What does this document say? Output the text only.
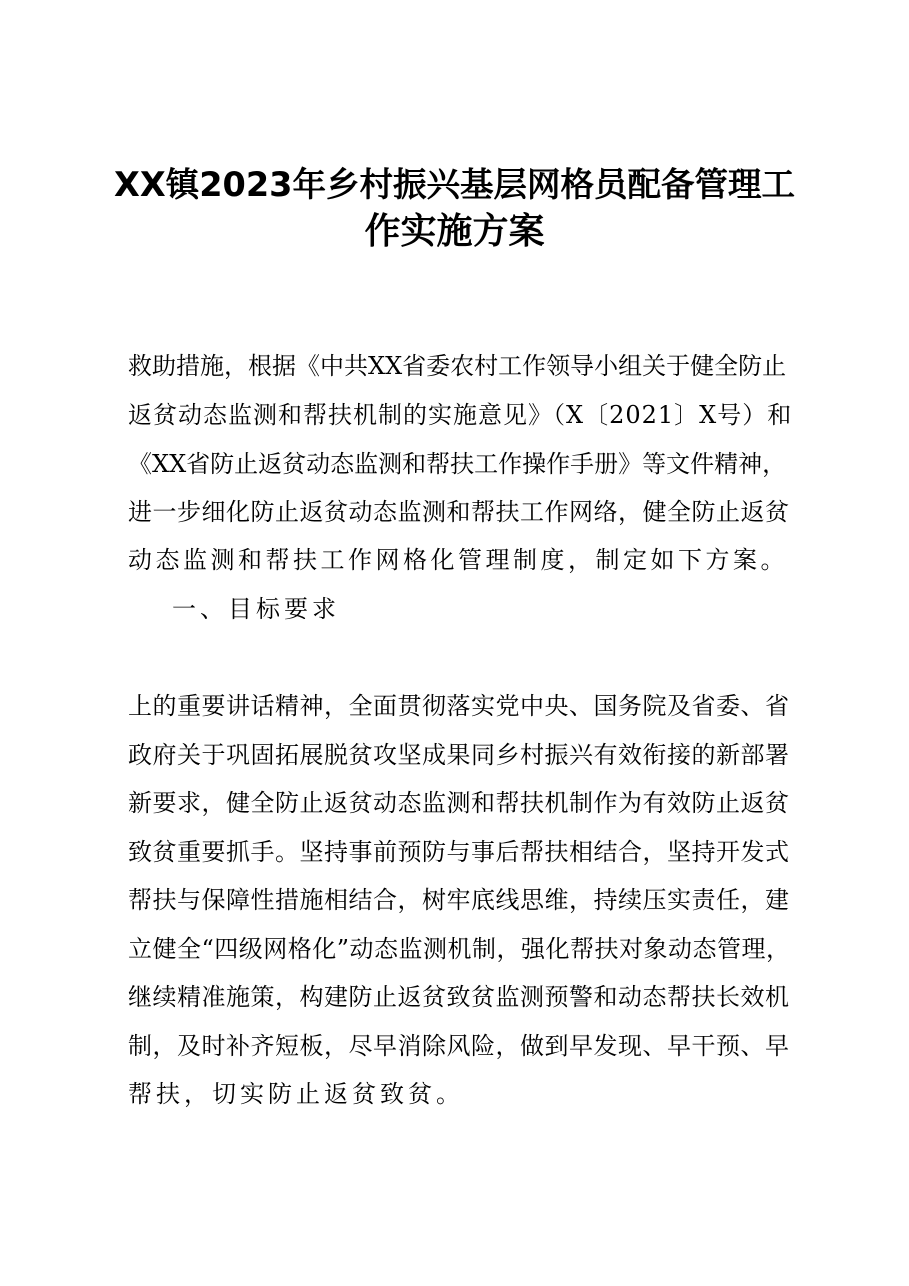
XX镇2023年乡村振兴基层网格员配备管理工
作实施方案
救助措施，根据《中共XX省委农村工作领导小组关于健全防止
返贫动态监测和帮扶机制的实施意见》（X〔2021〕X号）和
《XX省防止返贫动态监测和帮扶工作操作手册》等文件精神，
进一步细化防止返贫动态监测和帮扶工作网络，健全防止返贫
动态监测和帮扶工作网格化管理制度，制定如下方案。
一、目标要求
上的重要讲话精神，全面贯彻落实党中央、国务院及省委、省
政府关于巩固拓展脱贫攻坚成果同乡村振兴有效衔接的新部署
新要求，健全防止返贫动态监测和帮扶机制作为有效防止返贫
致贫重要抓手。坚持事前预防与事后帮扶相结合，坚持开发式
帮扶与保障性措施相结合，树牢底线思维，持续压实责任，建
立健全“四级网格化”动态监测机制，强化帮扶对象动态管理，
继续精准施策，构建防止返贫致贫监测预警和动态帮扶长效机
制，及时补齐短板，尽早消除风险，做到早发现、早干预、早
帮扶，切实防止返贫致贫。
